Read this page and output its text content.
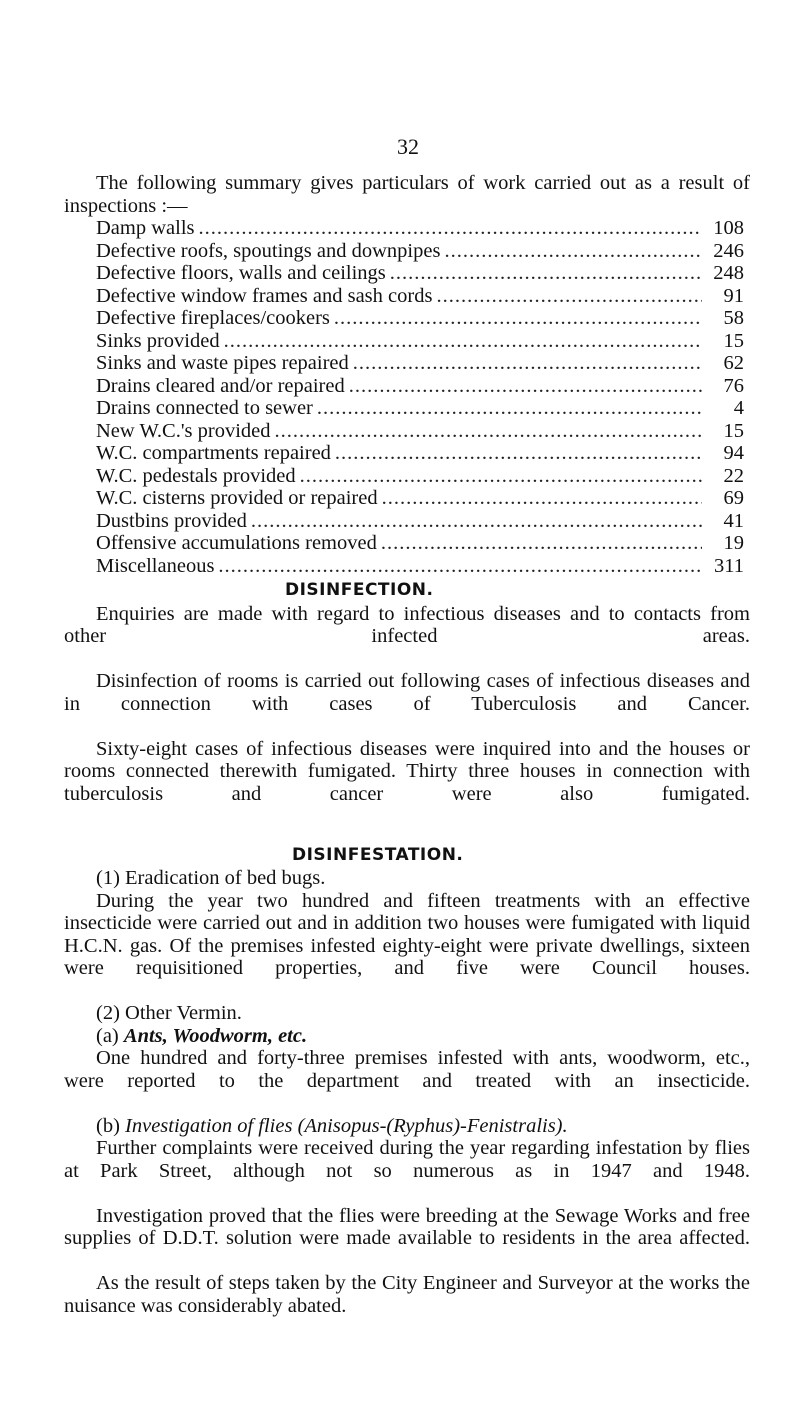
32

The following summary gives particulars of work carried out as a result of inspections :—

Damp walls .....	108
Defective roofs, spoutings and downpipes .....	246
Defective floors, walls and ceilings .....	248
Defective window frames and sash cords .....	91
Defective fireplaces/cookers .....	58
Sinks provided .....	15
Sinks and waste pipes repaired .....	62
Drains cleared and/or repaired .....	76
Drains connected to sewer .....	4
New W.C.'s provided .....	15
W.C. compartments repaired .....	94
W.C. pedestals provided .....	22
W.C. cisterns provided or repaired .....	69
Dustbins provided .....	41
Offensive accumulations removed .....	19
Miscellaneous .....	311
DISINFECTION.

Enquiries are made with regard to infectious diseases and to contacts from other infected areas.

Disinfection of rooms is carried out following cases of infectious diseases and in connection with cases of Tuberculosis and Cancer.

Sixty-eight cases of infectious diseases were inquired into and the houses or rooms connected therewith fumigated. Thirty three houses in connection with tuberculosis and cancer were also fumigated.

DISINFESTATION.

(1) Eradication of bed bugs.

During the year two hundred and fifteen treatments with an effective insecticide were carried out and in addition two houses were fumigated with liquid H.C.N. gas. Of the premises infested eighty-eight were private dwellings, sixteen were requisitioned properties, and five were Council houses.

(2) Other Vermin.

(a) Ants, Woodworm, etc.

One hundred and forty-three premises infested with ants, woodworm, etc., were reported to the department and treated with an insecticide.

(b) Investigation of flies (Anisopus-(Ryphus)-Fenistralis).

Further complaints were received during the year regarding infestation by flies at Park Street, although not so numerous as in 1947 and 1948.

Investigation proved that the flies were breeding at the Sewage Works and free supplies of D.D.T. solution were made available to residents in the area affected.

As the result of steps taken by the City Engineer and Surveyor at the works the nuisance was considerably abated.
